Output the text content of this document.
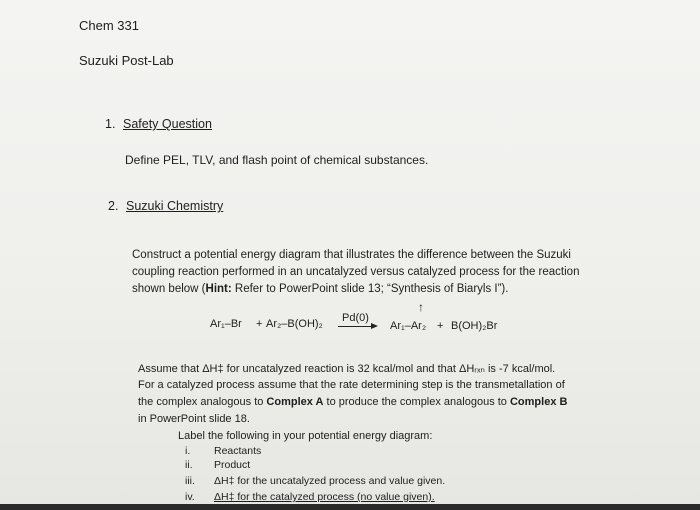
Chem 331
Suzuki Post-Lab
1. Safety Question
Define PEL, TLV, and flash point of chemical substances.
2. Suzuki Chemistry
Construct a potential energy diagram that illustrates the difference between the Suzuki
coupling reaction performed in an uncatalyzed versus catalyzed process for the reaction
shown below (Hint: Refer to PowerPoint slide 13; “Synthesis of Biaryls I”).
Ar₁–Br + Ar₂–B(OH)₂ Pd(0)
↑
Ar₁–Ar₂ + B(OH)₂Br
Assume that ΔH‡ for uncatalyzed reaction is 32 kcal/mol and that ΔHᵣₓₙ is -7 kcal/mol.
For a catalyzed process assume that the rate determining step is the transmetallation of
the complex analogous to Complex A to produce the complex analogous to Complex B
in PowerPoint slide 18.
Label the following in your potential energy diagram:
i. Reactants
ii. Product
iii. ΔH‡ for the uncatalyzed process and value given.
iv. ΔH‡ for the catalyzed process (no value given).
